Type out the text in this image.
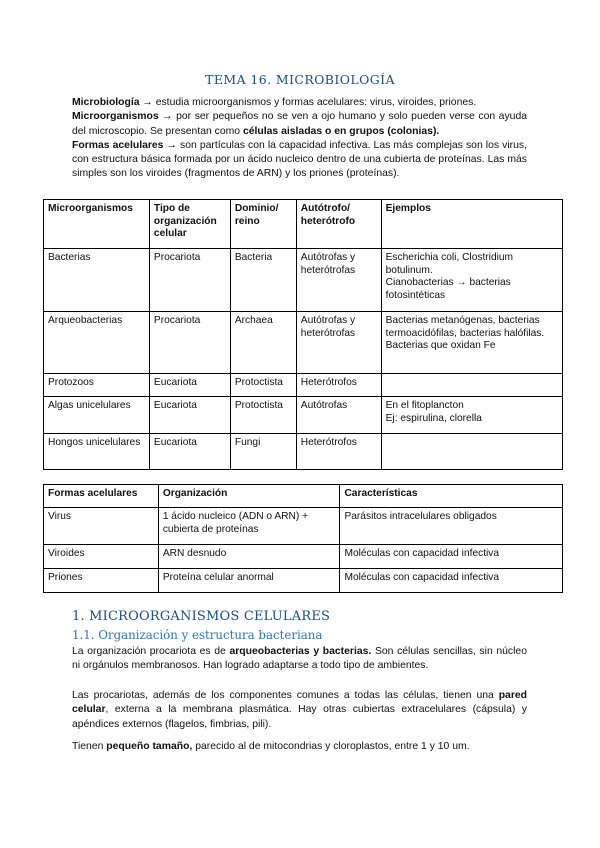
TEMA 16. MICROBIOLOGÍA

Microbiología → estudia microorganismos y formas acelulares: virus, viroides, priones.

Microorganismos → por ser pequeños no se ven a ojo humano y solo pueden verse con ayuda del microscopio. Se presentan como células aisladas o en grupos (colonias).

Formas acelulares → son partículas con la capacidad infectiva. Las más complejas son los virus, con estructura básica formada por un ácido nucleico dentro de una cubierta de proteínas. Las más simples son los viroides (fragmentos de ARN) y los priones (proteínas).

Microorganismos	Tipo de organización celular	Dominio/ reino	Autótrofo/ heterótrofo	Ejemplos
Bacterias	Procariota	Bacteria	Autótrofas y heterótrofas	Escherichia coli, Clostridium botulinum.
Cianobacterias → bacterias fotosintéticas
Arqueobacterias	Procariota	Archaea	Autótrofas y heterótrofas	Bacterias metanógenas, bacterias termoacidófilas, bacterias halófilas.
Bacterias que oxidan Fe
Protozoos	Eucariota	Protoctista	Heterótrofos	
Algas unicelulares	Eucariota	Protoctista	Autótrofas	En el fitoplancton
Ej: espirulina, clorella
Hongos unicelulares	Eucariota	Fungi	Heterótrofos	
Formas acelulares	Organización	Características
Virus	1 ácido nucleico (ADN o ARN) + cubierta de proteínas	Parásitos intracelulares obligados
Viroides	ARN desnudo	Moléculas con capacidad infectiva
Priones	Proteína celular anormal	Moléculas con capacidad infectiva
1. MICROORGANISMOS CELULARES
1.1. Organización y estructura bacteriana

La organización procariota es de arqueobacterias y bacterias. Son células sencillas, sin núcleo ni orgánulos membranosos. Han logrado adaptarse a todo tipo de ambientes.

Las procariotas, además de los componentes comunes a todas las células, tienen una pared celular, externa a la membrana plasmática. Hay otras cubiertas extracelulares (cápsula) y apéndices externos (flagelos, fimbrias, pili).

Tienen pequeño tamaño, parecido al de mitocondrias y cloroplastos, entre 1 y 10 um.
